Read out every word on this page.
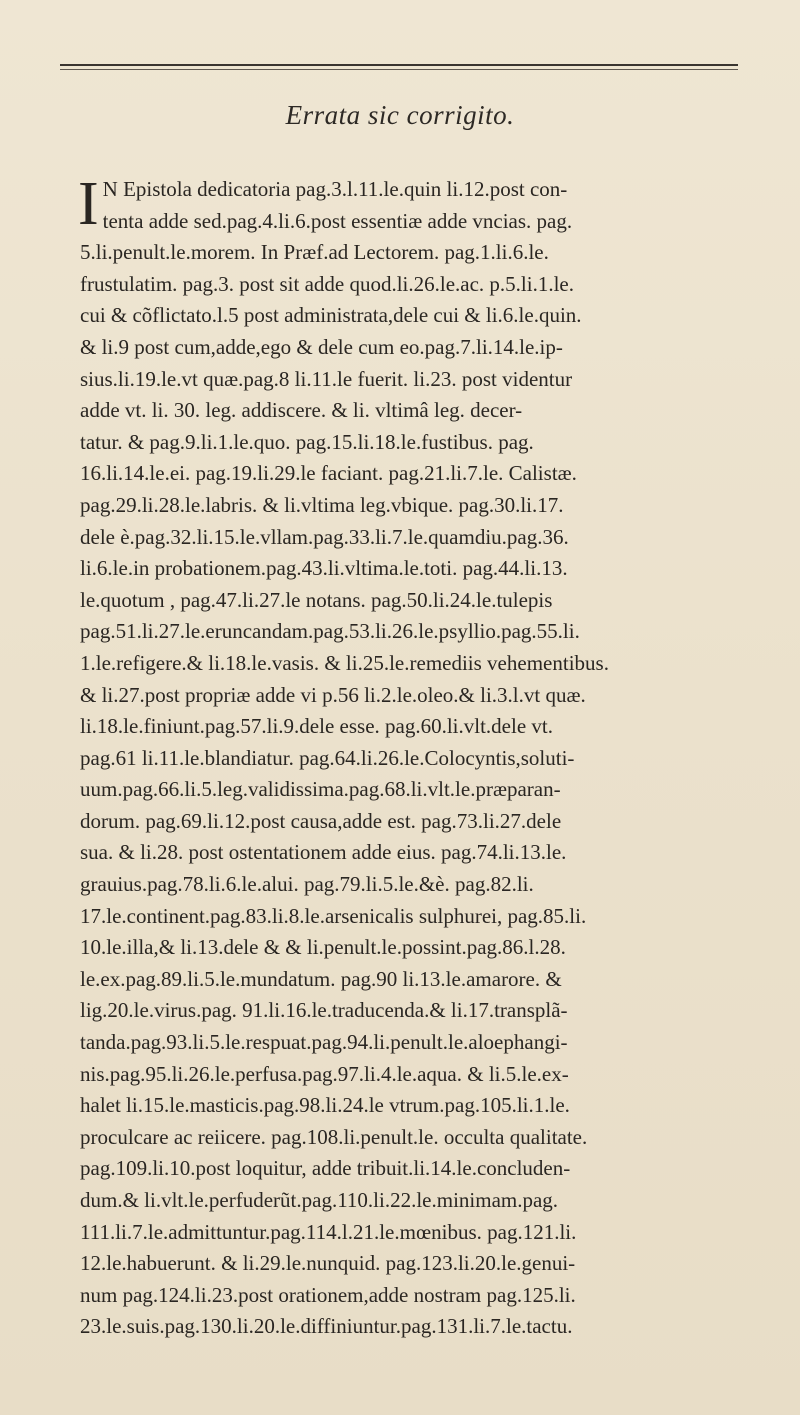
Errata sic corrigito.
I N Epistola dedicatoria pag.3.l.11.le.quin li.12.post con-
tenta adde sed.pag.4.li.6.post essentiæ adde vncias. pag.
5.li.penult.le.morem. In Præf.ad Lectorem. pag.1.li.6.le.
frustulatim. pag.3. post sit adde quod.li.26.le.ac. p.5.li.1.le.
cui & cõflictato.l.5 post administrata,dele cui & li.6.le.quin.
& li.9 post cum,adde,ego & dele cum eo.pag.7.li.14.le.ip-
sius.li.19.le.vt quæ.pag.8 li.11.le fuerit. li.23. post videntur
adde vt. li. 30. leg. addiscere. & li. vltimâ leg. decer-
tatur. & pag.9.li.1.le.quo. pag.15.li.18.le.fustibus. pag.
16.li.14.le.ei. pag.19.li.29.le faciant. pag.21.li.7.le. Calistæ.
pag.29.li.28.le.labris. & li.vltima leg.vbique. pag.30.li.17.
dele è.pag.32.li.15.le.vllam.pag.33.li.7.le.quamdiu.pag.36.
li.6.le.in probationem.pag.43.li.vltima.le.toti. pag.44.li.13.
le.quotum , pag.47.li.27.le notans. pag.50.li.24.le.tulepis
pag.51.li.27.le.eruncandam.pag.53.li.26.le.psyllio.pag.55.li.
1.le.refigere.& li.18.le.vasis. & li.25.le.remediis vehementibus.
& li.27.post propriæ adde vi p.56 li.2.le.oleo.& li.3.l.vt quæ.
li.18.le.finiunt.pag.57.li.9.dele esse. pag.60.li.vlt.dele vt.
pag.61 li.11.le.blandiatur. pag.64.li.26.le.Colocyntis,soluti-
uum.pag.66.li.5.leg.validissima.pag.68.li.vlt.le.præparan-
dorum. pag.69.li.12.post causa,adde est. pag.73.li.27.dele
sua. & li.28. post ostentationem adde eius. pag.74.li.13.le.
grauius.pag.78.li.6.le.alui. pag.79.li.5.le.&è. pag.82.li.
17.le.continent.pag.83.li.8.le.arsenicalis sulphurei, pag.85.li.
10.le.illa,& li.13.dele & & li.penult.le.possint.pag.86.l.28.
le.ex.pag.89.li.5.le.mundatum. pag.90 li.13.le.amarore. &
lig.20.le.virus.pag. 91.li.16.le.traducenda.& li.17.transplã-
tanda.pag.93.li.5.le.respuat.pag.94.li.penult.le.aloephangi-
nis.pag.95.li.26.le.perfusa.pag.97.li.4.le.aqua. & li.5.le.ex-
halet li.15.le.masticis.pag.98.li.24.le vtrum.pag.105.li.1.le.
proculcare ac reiicere. pag.108.li.penult.le. occulta qualitate.
pag.109.li.10.post loquitur, adde tribuit.li.14.le.concluden-
dum.& li.vlt.le.perfuderũt.pag.110.li.22.le.minimam.pag.
111.li.7.le.admittuntur.pag.114.l.21.le.mœnibus. pag.121.li.
12.le.habuerunt. & li.29.le.nunquid. pag.123.li.20.le.genui-
num pag.124.li.23.post orationem,adde nostram pag.125.li.
23.le.suis.pag.130.li.20.le.diffiniuntur.pag.131.li.7.le.tactu.
